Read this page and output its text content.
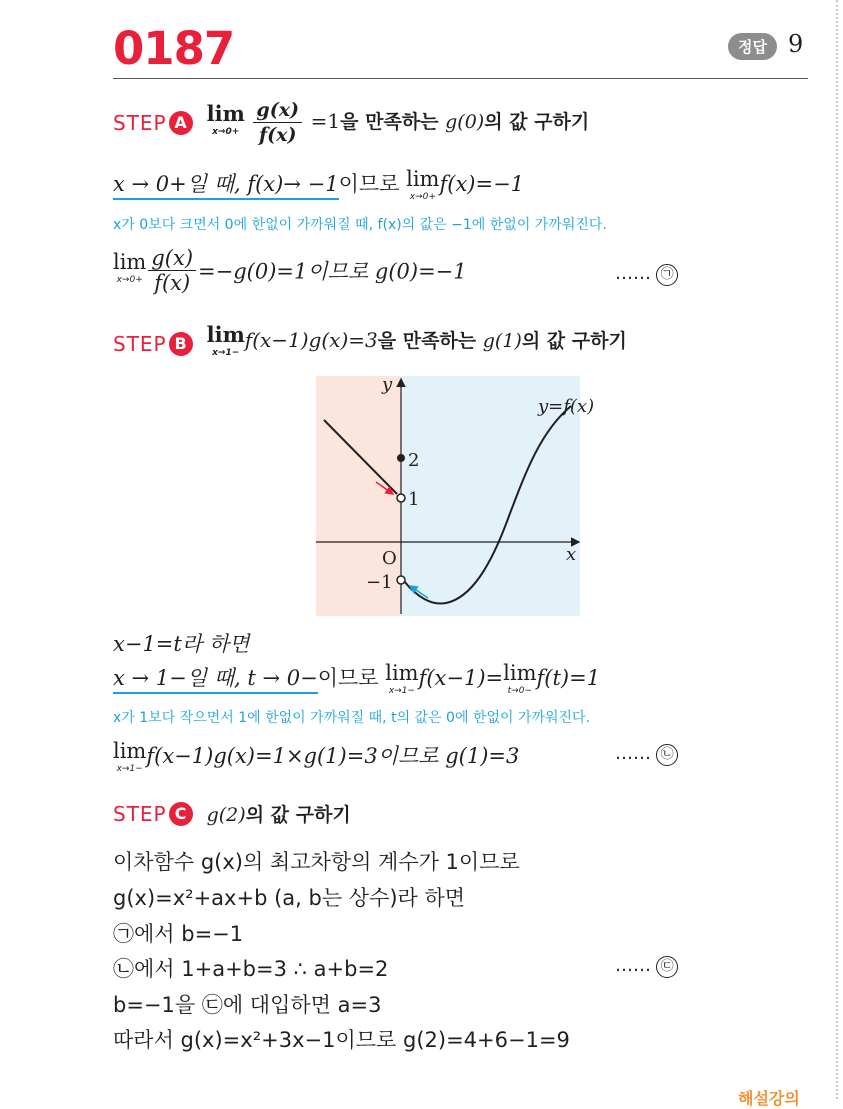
0187	정답 9
STEP A lim
x→0+
$\frac{g(x)}{f(x)} =1$을 만족하는 g(0)의 값 구하기
x → 0+일 때, f(x)→ −1이므로 lim
x→0+
f(x)=−1
x가 0보다 크면서 0에 한없이 가까워질 때, f(x)의 값은 −1에 한없이 가까워진다.
lim
$x\to 0+ \frac{g(x)}{f(x)} =-g(0)=1$이므로 g(0)=−1	…… ㉠
STEP B lim
x→1−
f(x−1)g(x)=3을 만족하는 g(1)의 값 구하기
y
x
O
2
1
−1
y=f(x)
x−1=t라 하면
x → 1−일 때, t → 0−이므로 lim
x→1−
f(x−1)= lim
t→0−
f(t)=1
x가 1보다 작으면서 1에 한없이 가까워질 때, t의 값은 0에 한없이 가까워진다.
lim
x→1−
f(x−1)g(x)=1×g(1)=3이므로 g(1)=3	…… ㉡
STEP C	g(2)의 값 구하기
이차함수 g(x)의 최고차항의 계수가 1이므로
g(x)=x²+ax+b (a, b는 상수)라 하면
㉠에서 b=−1
㉡에서 1+a+b=3 ∴ a+b=2	…… ㉢
b=−1을 ㉢에 대입하면 a=3
따라서 g(x)=x²+3x−1이므로 g(2)=4+6−1=9
해설강의
